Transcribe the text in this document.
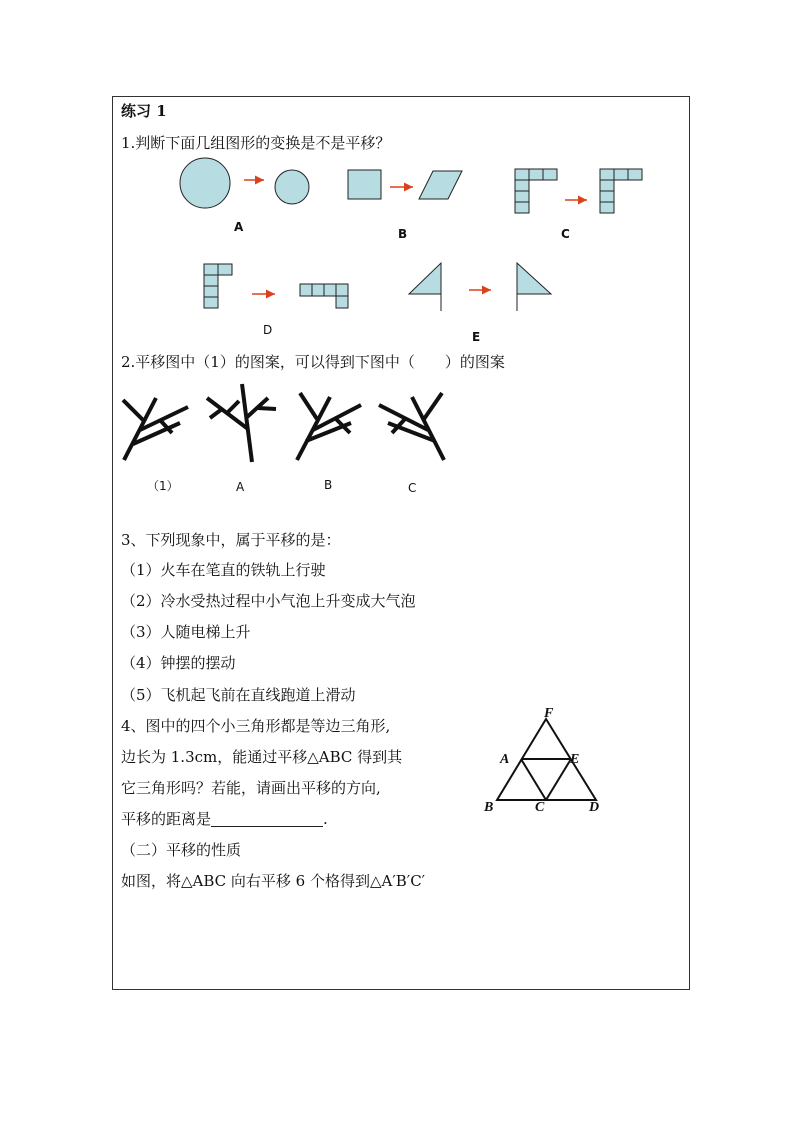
练习 1
1.判断下面几组图形的变换是不是平移？
A	B	C
D	E
2.平移图中（1）的图案，可以得到下图中（　　）的图案
（1）	A	B	C
3、下列现象中，属于平移的是：
（1）火车在笔直的铁轨上行驶
（2）冷水受热过程中小气泡上升变成大气泡
（3）人随电梯上升
（4）钟摆的摆动
（5）飞机起飞前在直线跑道上滑动
4、图中的四个小三角形都是等边三角形,
边长为 1.3cm，能通过平移△ABC 得到其
它三角形吗？若能，请画出平移的方向,
平移的距离是	.
F
A	E
B	C	D
（二）平移的性质
如图，将△ABC 向右平移 6 个格得到△A′B′C′
